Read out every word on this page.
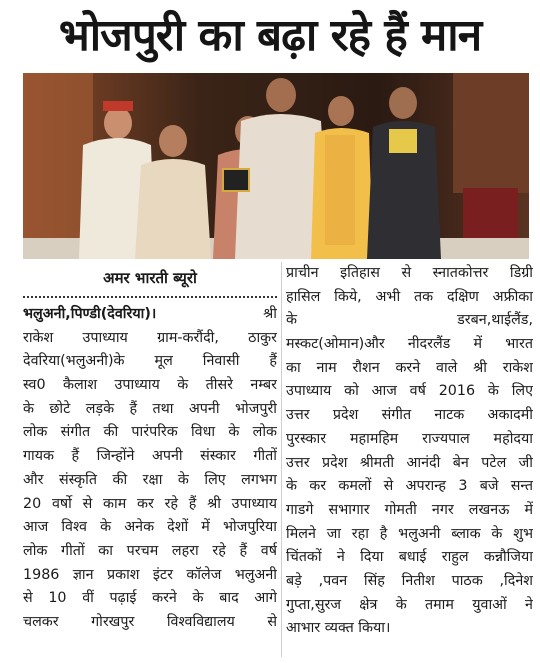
भोजपुरी का बढ़ा रहे हैं मान
अमर भारती ब्यूरो
भलुअनी,पिण्डी(देवरिया)।	श्री
राकेश उपाध्याय ग्राम-करौंदी, ठाकुर
देवरिया(भलुअनी)के मूल निवासी हैं
स्व0 कैलाश उपाध्याय के तीसरे नम्बर
के छोटे लड़के हैं तथा अपनी भोजपुरी
लोक संगीत की पारंपरिक विधा के लोक
गायक हैं जिन्होंने अपनी संस्कार गीतों
और संस्कृति की रक्षा के लिए लगभग
20 वर्षो से काम कर रहे हैं श्री उपाध्याय
आज विश्व के अनेक देशों में भोजपुरिया
लोक गीतों का परचम लहरा रहे हैं वर्ष
1986 ज्ञान प्रकाश इंटर कॉलेज भलुअनी
से 10 वीं पढ़ाई करने के बाद आगे
चलकर गोरखपुर विश्वविद्यालय से
प्राचीन इतिहास से स्नातकोत्तर डिग्री
हासिल किये, अभी तक दक्षिण अफ्रीका
के          डरबन,थाईलैंड,
मस्कट(ओमान)और नीदरलैंड में भारत
का नाम रौशन करने वाले श्री राकेश
उपाध्याय को आज वर्ष 2016 के लिए
उत्तर प्रदेश संगीत नाटक अकादमी
पुरस्कार महामहिम राज्यपाल महोदया
उत्तर प्रदेश श्रीमती आनंदी बेन पटेल जी
के कर कमलों से अपरान्ह 3 बजे सन्त
गाडगे सभागार गोमती नगर लखनऊ में
मिलने जा रहा है भलुअनी ब्लाक के शुभ
चिंतकों ने दिया बधाई राहुल कन्नौजिया
बड़े ,पवन सिंह नितीश पाठक ,दिनेश
गुप्ता,सुरज क्षेत्र के तमाम युवाओं ने
आभार व्यक्त किया।
